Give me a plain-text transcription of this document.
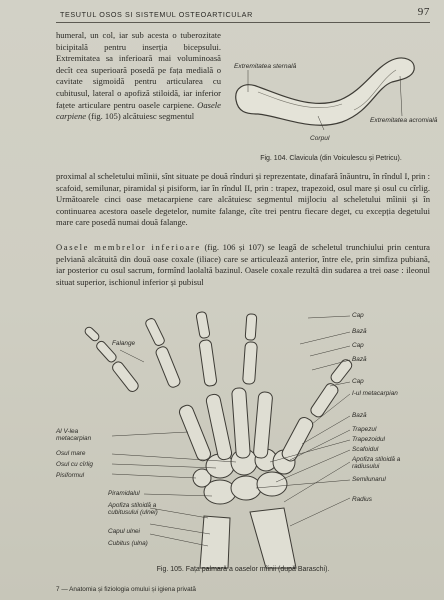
TESUTUL OSOS SI SISTEMUL OSTEOARTICULAR	97
humeral, un col, iar sub acesta o tuberozitate bicipitală pentru inserția bicepsului. Extremitatea sa inferioară mai voluminoasă decît cea superioară posedă pe fața medială o cavitate sigmoidă pentru articularea cu cubitusul, lateral o apofiză stiloidă, iar inferior fațete articulare pentru oasele carpiene. Oasele carpiene (fig. 105) alcătuiesc segmentul
Extremitatea sternală
Corpul
Extremitatea acromială
Fig. 104. Clavicula (din Voiculescu și Petricu).
proximal al scheletului mîinii, sînt situate pe două rînduri și reprezentate, dinafară înăuntru, în rîndul I, prin : scafoid, semilunar, piramidal și pisiform, iar în rîndul II, prin : trapez, trapezoid, osul mare și osul cu cîrlig. Următoarele cinci oase metacarpiene care alcătuiesc segmentul mijlociu al scheletului mîinii și în continuarea acestora oasele degetelor, numite falange, cîte trei pentru fiecare deget, cu excepția degetului mare care posedă numai două falange.
Oasele membrelor inferioare (fig. 106 și 107) se leagă de scheletul trunchiului prin centura pelviană alcătuită din două oase coxale (iliace) care se articulează anterior, între ele, prin simfiza pubiană, iar posterior cu osul sacrum, formînd laolaltă bazinul. Oasele coxale rezultă din sudarea a trei oase : ileonul situat superior, ischionul inferior și pubisul
Cap
Bază
Cap
Bază
Cap
I-ul metacarpian
Bază
Trapezul
Trapezoidul
Scafoidul
Apofiza stiloidă a radiusului
Semilunarul
Radius
Falange
Al V-lea metacarpian
Osul mare
Osul cu cîrlig
Pisiformul
Piramidalul
Apofiza stiloidă a cubitusului (ulnei)
Capul ulnei
Cubitus (ulna)
Fig. 105. Fața palmară a oaselor mîinii (după Baraschi).
7 — Anatomia și fiziologia omului și igiena privată
